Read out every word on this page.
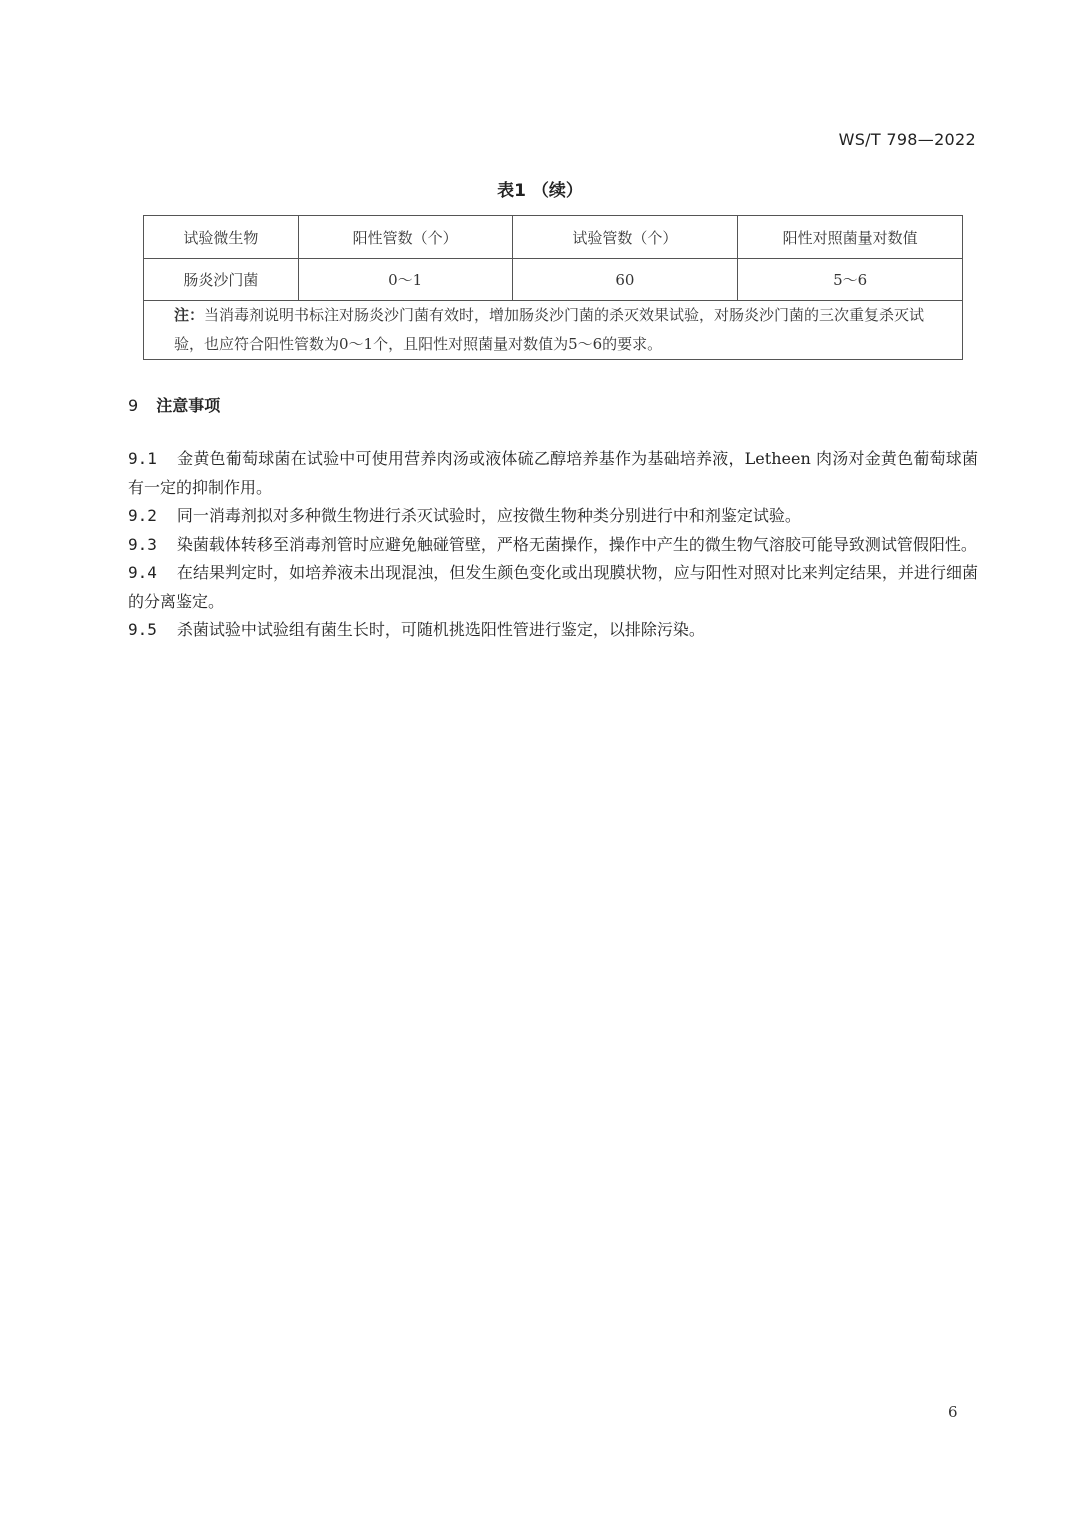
WS/T 798—2022
表1 （续）
试验微生物	阳性管数（个）	试验管数（个）	阳性对照菌量对数值
肠炎沙门菌	0～1	60	5～6
注：当消毒剂说明书标注对肠炎沙门菌有效时，增加肠炎沙门菌的杀灭效果试验，对肠炎沙门菌的三次重复杀灭试验，也应符合阳性管数为0～1个，且阳性对照菌量对数值为5～6的要求。			
9 注意事项

9.1 金黄色葡萄球菌在试验中可使用营养肉汤或液体硫乙醇培养基作为基础培养液，Letheen 肉汤对金黄色葡萄球菌有一定的抑制作用。

9.2 同一消毒剂拟对多种微生物进行杀灭试验时，应按微生物种类分别进行中和剂鉴定试验。

9.3 染菌载体转移至消毒剂管时应避免触碰管壁，严格无菌操作，操作中产生的微生物气溶胶可能导致测试管假阳性。

9.4 在结果判定时，如培养液未出现混浊，但发生颜色变化或出现膜状物，应与阳性对照对比来判定结果，并进行细菌的分离鉴定。

9.5 杀菌试验中试验组有菌生长时，可随机挑选阳性管进行鉴定，以排除污染。

6
